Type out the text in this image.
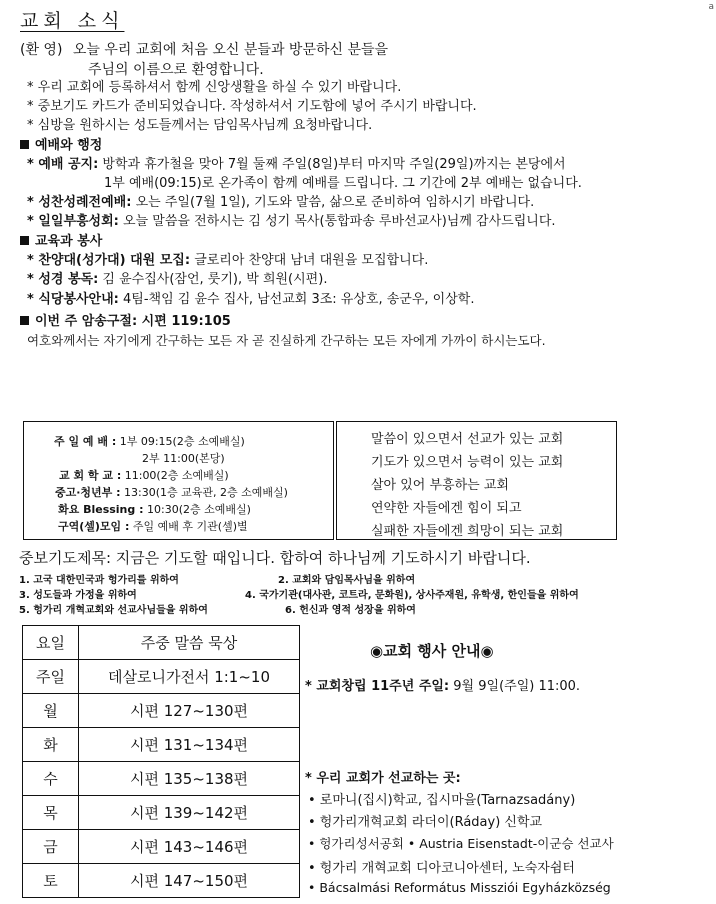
a
교회 소식
(환 영) 오늘 우리 교회에 처음 오신 분들과 방문하신 분들을
주님의 이름으로 환영합니다.
* 우리 교회에 등록하셔서 함께 신앙생활을 하실 수 있기 바랍니다.
* 중보기도 카드가 준비되었습니다. 작성하셔서 기도함에 넣어 주시기 바랍니다.
* 심방을 원하시는 성도들께서는 담임목사님께 요청바랍니다.
예배와 행정
* 예배 공지: 방학과 휴가철을 맞아 7월 둘째 주일(8일)부터 마지막 주일(29일)까지는 본당에서
1부 예배(09:15)로 온가족이 함께 예배를 드립니다. 그 기간에 2부 예배는 없습니다.
* 성찬성례전예배: 오는 주일(7월 1일), 기도와 말씀, 삶으로 준비하여 임하시기 바랍니다.
* 일일부흥성회: 오늘 말씀을 전하시는 김 성기 목사(통합파송 루바선교사)님께 감사드립니다.
교육과 봉사
* 찬양대(성가대) 대원 모집: 글로리아 찬양대 남녀 대원을 모집합니다.
* 성경 봉독: 김 윤수집사(잠언, 룻기), 박 희원(시편).
* 식당봉사안내: 4팀-책임 김 윤수 집사, 남선교회 3조: 유상호, 송군우, 이상학.
이번 주 암송구절: 시편 119:105
여호와께서는 자기에게 간구하는 모든 자 곧 진실하게 간구하는 모든 자에게 가까이 하시는도다.
주 일 예 배 : 1부 09:15(2층 소예배실)
2부 11:00(본당)
교 회 학 교 : 11:00(2층 소예배실)
중고·청년부 : 13:30(1층 교육관, 2층 소예배실)
화요 Blessing : 10:30(2층 소예배실)
구역(셀)모임 : 주일 예배 후 기관(셀)별
말씀이 있으면서 선교가 있는 교회
기도가 있으면서 능력이 있는 교회
살아 있어 부흥하는 교회
연약한 자들에겐 힘이 되고
실패한 자들에겐 희망이 되는 교회
중보기도제목: 지금은 기도할 때입니다. 합하여 하나님께 기도하시기 바랍니다.
1. 고국 대한민국과 헝가리를 위하여	2. 교회와 담임목사님을 위하여
3. 성도들과 가정을 위하여	4. 국가기관(대사관, 코트라, 문화원), 상사주재원, 유학생, 한인들을 위하여
5. 헝가리 개혁교회와 선교사님들을 위하여	6. 헌신과 영적 성장을 위하여
요일	주중 말씀 묵상
주일	데살로니가전서 1:1~10
월	시편 127~130편
화	시편 131~134편
수	시편 135~138편
목	시편 139~142편
금	시편 143~146편
토	시편 147~150편
◉교회 행사 안내◉
* 교회창립 11주년 주일: 9월 9일(주일) 11:00.
* 우리 교회가 선교하는 곳:
• 로마니(집시)학교, 집시마을(Tarnazsadány)
• 헝가리개혁교회 라더이(Ráday) 신학교
• 헝가리성서공회 • Austria Eisenstadt-이군승 선교사
• 헝가리 개혁교회 디아코니아센터, 노숙자쉼터
• Bácsalmási Református Missziói Egyházközség
